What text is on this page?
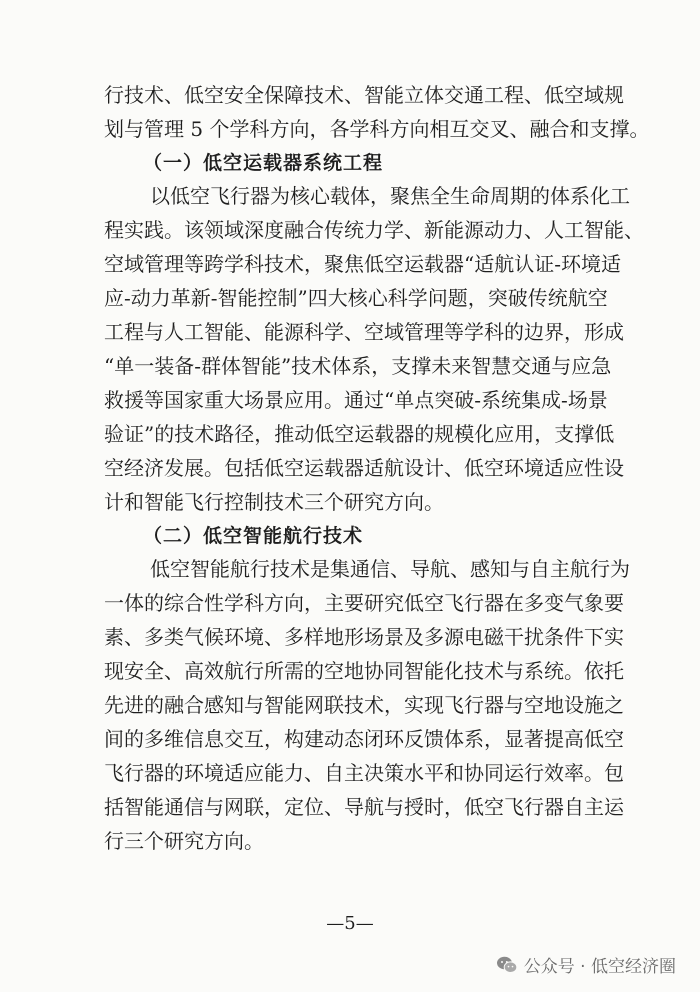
行技术、低空安全保障技术、智能立体交通工程、低空域规
划与管理 5 个学科方向，各学科方向相互交叉、融合和支撑。
（一）低空运载器系统工程
以低空飞行器为核心载体，聚焦全生命周期的体系化工
程实践。该领域深度融合传统力学、新能源动力、人工智能、
空域管理等跨学科技术，聚焦低空运载器“适航认证-环境适
应-动力革新-智能控制”四大核心科学问题，突破传统航空
工程与人工智能、能源科学、空域管理等学科的边界，形成
“单一装备-群体智能”技术体系，支撑未来智慧交通与应急
救援等国家重大场景应用。通过“单点突破-系统集成-场景
验证”的技术路径，推动低空运载器的规模化应用，支撑低
空经济发展。包括低空运载器适航设计、低空环境适应性设
计和智能飞行控制技术三个研究方向。
（二）低空智能航行技术
低空智能航行技术是集通信、导航、感知与自主航行为
一体的综合性学科方向，主要研究低空飞行器在多变气象要
素、多类气候环境、多样地形场景及多源电磁干扰条件下实
现安全、高效航行所需的空地协同智能化技术与系统。依托
先进的融合感知与智能网联技术，实现飞行器与空地设施之
间的多维信息交互，构建动态闭环反馈体系，显著提高低空
飞行器的环境适应能力、自主决策水平和协同运行效率。包
括智能通信与网联，定位、导航与授时，低空飞行器自主运
行三个研究方向。
—5—
公众号 · 低空经济圈
